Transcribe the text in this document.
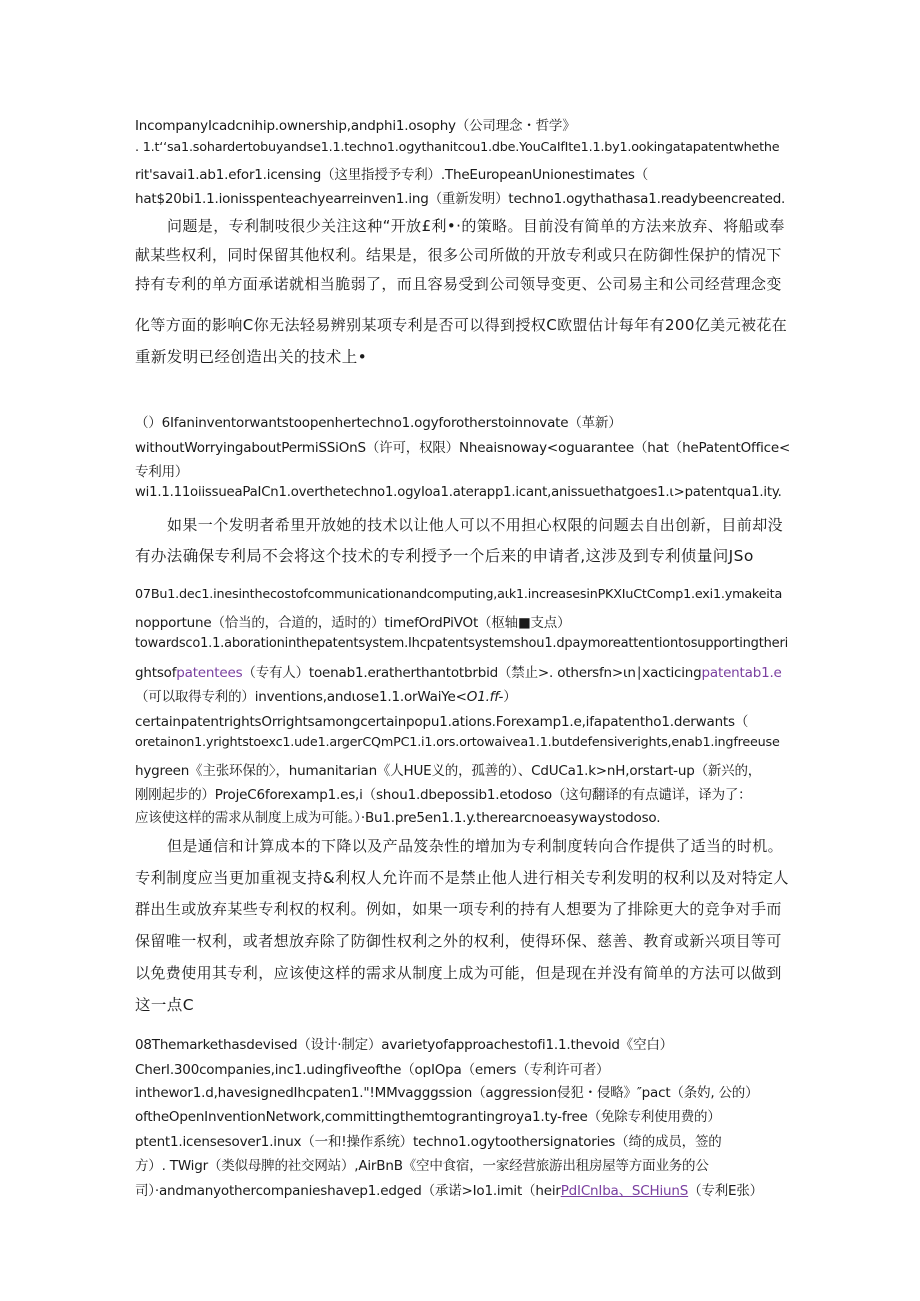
IncompanyIcadcnihip.ownership,andphi1.osophy（公司理念・哲学》
. 1.t‘‘sa1.sohardertobuyandse1.1.techno1.ogythanitcou1.dbe.YouCaIfIte1.1.by1.ookingatapatentwhethe
rit'savai1.ab1.efor1.icensing（这里指授予专利）.TheEuropeanUnionestimates（
hat$20bi1.1.ionisspenteachyearreinven1.ing（重新发明）techno1.ogythathasa1.readybeencreated.
问题是，专利制吱很少关注这种“开放£利•·的策略。目前没有简单的方法来放弃、将船或奉
献某些权利，同时保留其他权利。结果是，很多公司所做的开放专利或只在防御性保护的情况下
持有专利的单方面承诺就相当脆弱了，而且容易受到公司领导变更、公司易主和公司经营理念变
化等方面的影响C你无法轻易辨别某项专利是否可以得到授权C欧盟估计每年有200亿美元被花在
重新发明已经创造出关的技术上•
（）6Ifaninventorwantstoopenhertechno1.ogyforotherstoinnovate（革新）
withoutWorryingaboutPermiSSiOnS（许可，权限）Nheaisnoway<oguarantee（hat（hePatentOffice<
专利用）
wi1.1.11oiissueaPaICn1.overthetechno1.ogyIoa1.aterapp1.icant,anissuethatgoes1.ι>patentqua1.ity.
如果一个发明者希里开放她的技术以让他人可以不用担心权限的问题去自出创新，目前却没
有办法确保专利局不会将这个技术的专利授予一个后来的申请者,这涉及到专利侦量问JSo
07Bu1.dec1.inesinthecostofcommunicationandcomputing,aιk1.increasesinPKXIuCtComp1.exi1.ymakeita
nopportune（恰当的，合道的，适时的）timefOrdPiVOt（枢轴■支点）
towardsco1.1.aborationinthepatentsystem.Ihcpatentsystemshou1.dpaymoreattentiontosupportingtheri
ghtsofpatentees（专有人）toenab1.eratherthantotbrbid（禁止>. othersfn>ιn∣xacticingpatentab1.e
（可以取得专利的）inventions,andιose1.1.orWaiYe<O1.ff-）
certainpatentrightsOrrightsamongcertainpopu1.ations.Forexamp1.e,ifapatentho1.derwants（
oretainon1.yrightstoexc1.ude1.argerCQmPC1.i1.ors.ortowaivea1.1.butdefensiverights,enab1.ingfreeuse
hygreen《主张环保的〉，humanitarian《人HUE义的，孤善的）、CdUCa1.k>nH,orstart-up（新兴的，
刚刚起步的）ProjeC6forexamp1.es,i（shou1.dbepossib1.etodoso（这句翻译的有点谴详，译为了：
应该使这样的需求从制度上成为可能。）·Bu1.pre5en1.1.y.therearcnoeasywaystodoso.
但是通信和计算成本的下降以及产品笈杂性的增加为专利制度转向合作提供了适当的时机。
专利制度应当更加重视支持&利权人允许而不是禁止他人进行相关专利发明的权利以及对特定人
群出生或放弃某些专利权的权利。例如，如果一项专利的持有人想要为了排除更大的竞争对手而
保留唯一权利，或者想放弃除了防御性权利之外的权利，使得环保、慈善、教育或新兴项目等可
以免费使用其专利，应该使这样的需求从制度上成为可能，但是现在并没有简单的方法可以做到
这一点C
08Themarkethasdevised（设计·制定）avarietyofapproachestofi1.1.thevoid《空白）
CherI.300companies,inc1.udingfiveofthe（opIOpa（emers（专利许可者）
inthewor1.d,havesignedIhcpaten1."!MMvagggssion（aggression侵犯・侵略》″pact（条妁, 公的）
oftheOpenInventionNetwork,committingthemtograntingroya1.ty-free（免除专利使用费的）
ptent1.icensesover1.inux（一和!操作系统）techno1.ogytoothersignatories（绮的成员，签的
方）. TWigr（类似母脾的社交网站）,AirBnB《空中食宿，一家经营旅游出租房屋等方面业务的公
司）·andmanyothercompanieshavep1.edged（承诺>Io1.imit（heirPdICnIba、SCHiunS（专利E张）
